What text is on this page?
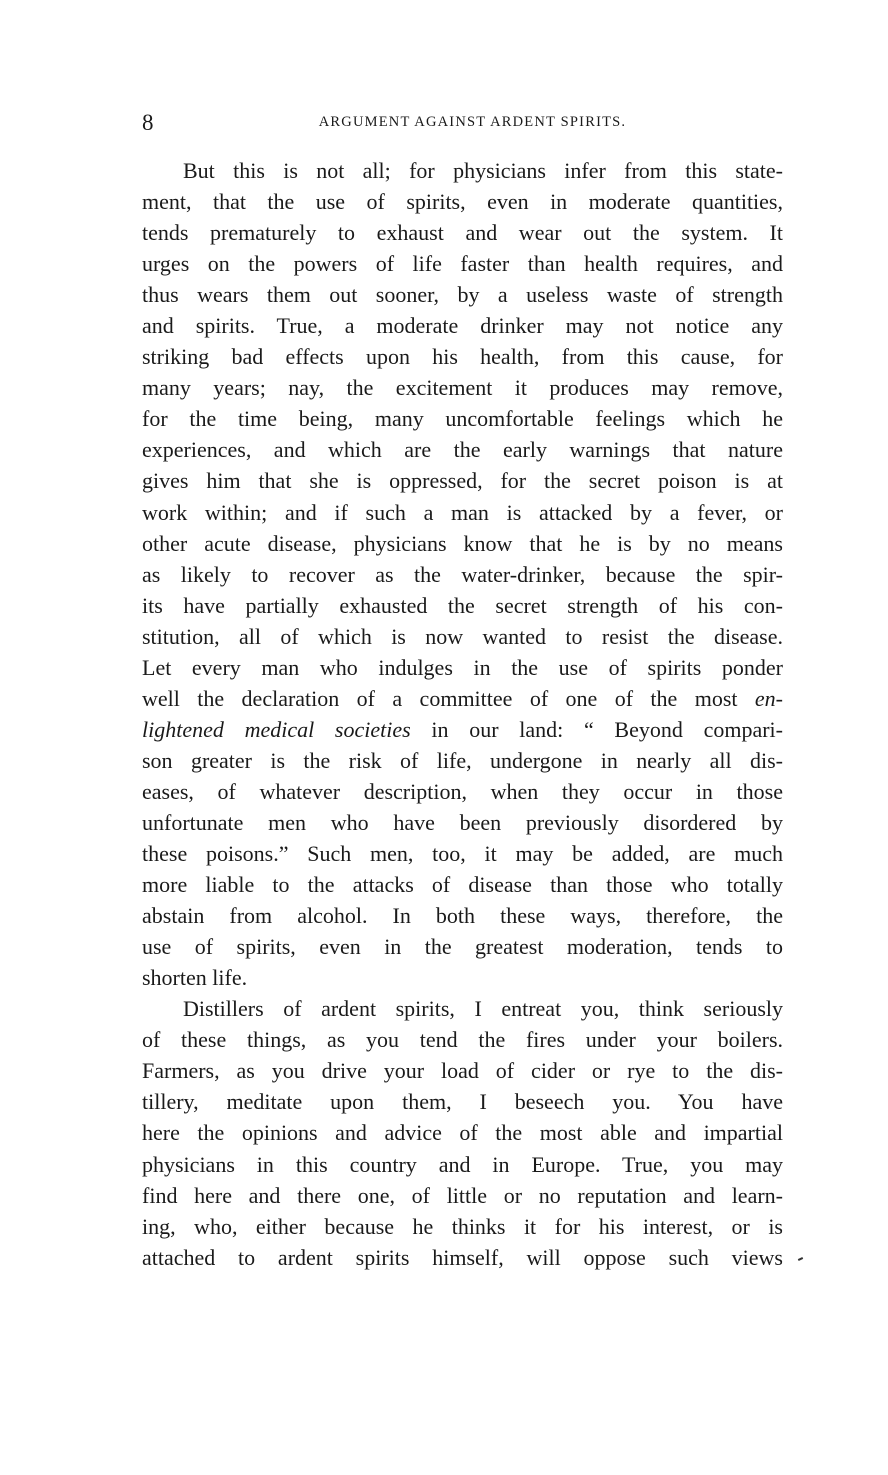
8	ARGUMENT AGAINST ARDENT SPIRITS.
But this is not all; for physicians infer from this state-
ment, that the use of spirits, even in moderate quantities,
tends prematurely to exhaust and wear out the system. It
urges on the powers of life faster than health requires, and
thus wears them out sooner, by a useless waste of strength
and spirits. True, a moderate drinker may not notice any
striking bad effects upon his health, from this cause, for
many years; nay, the excitement it produces may remove,
for the time being, many uncomfortable feelings which he
experiences, and which are the early warnings that nature
gives him that she is oppressed, for the secret poison is at
work within; and if such a man is attacked by a fever, or
other acute disease, physicians know that he is by no means
as likely to recover as the water-drinker, because the spir-
its have partially exhausted the secret strength of his con-
stitution, all of which is now wanted to resist the disease.
Let every man who indulges in the use of spirits ponder
well the declaration of a committee of one of the most en-
lightened medical societies in our land: “ Beyond compari-
son greater is the risk of life, undergone in nearly all dis-
eases, of whatever description, when they occur in those
unfortunate men who have been previously disordered by
these poisons.” Such men, too, it may be added, are much
more liable to the attacks of disease than those who totally
abstain from alcohol. In both these ways, therefore, the
use of spirits, even in the greatest moderation, tends to
shorten life.
Distillers of ardent spirits, I entreat you, think seriously
of these things, as you tend the fires under your boilers.
Farmers, as you drive your load of cider or rye to the dis-
tillery, meditate upon them, I beseech you. You have
here the opinions and advice of the most able and impartial
physicians in this country and in Europe. True, you may
find here and there one, of little or no reputation and learn-
ing, who, either because he thinks it for his interest, or is
attached to ardent spirits himself, will oppose such views
